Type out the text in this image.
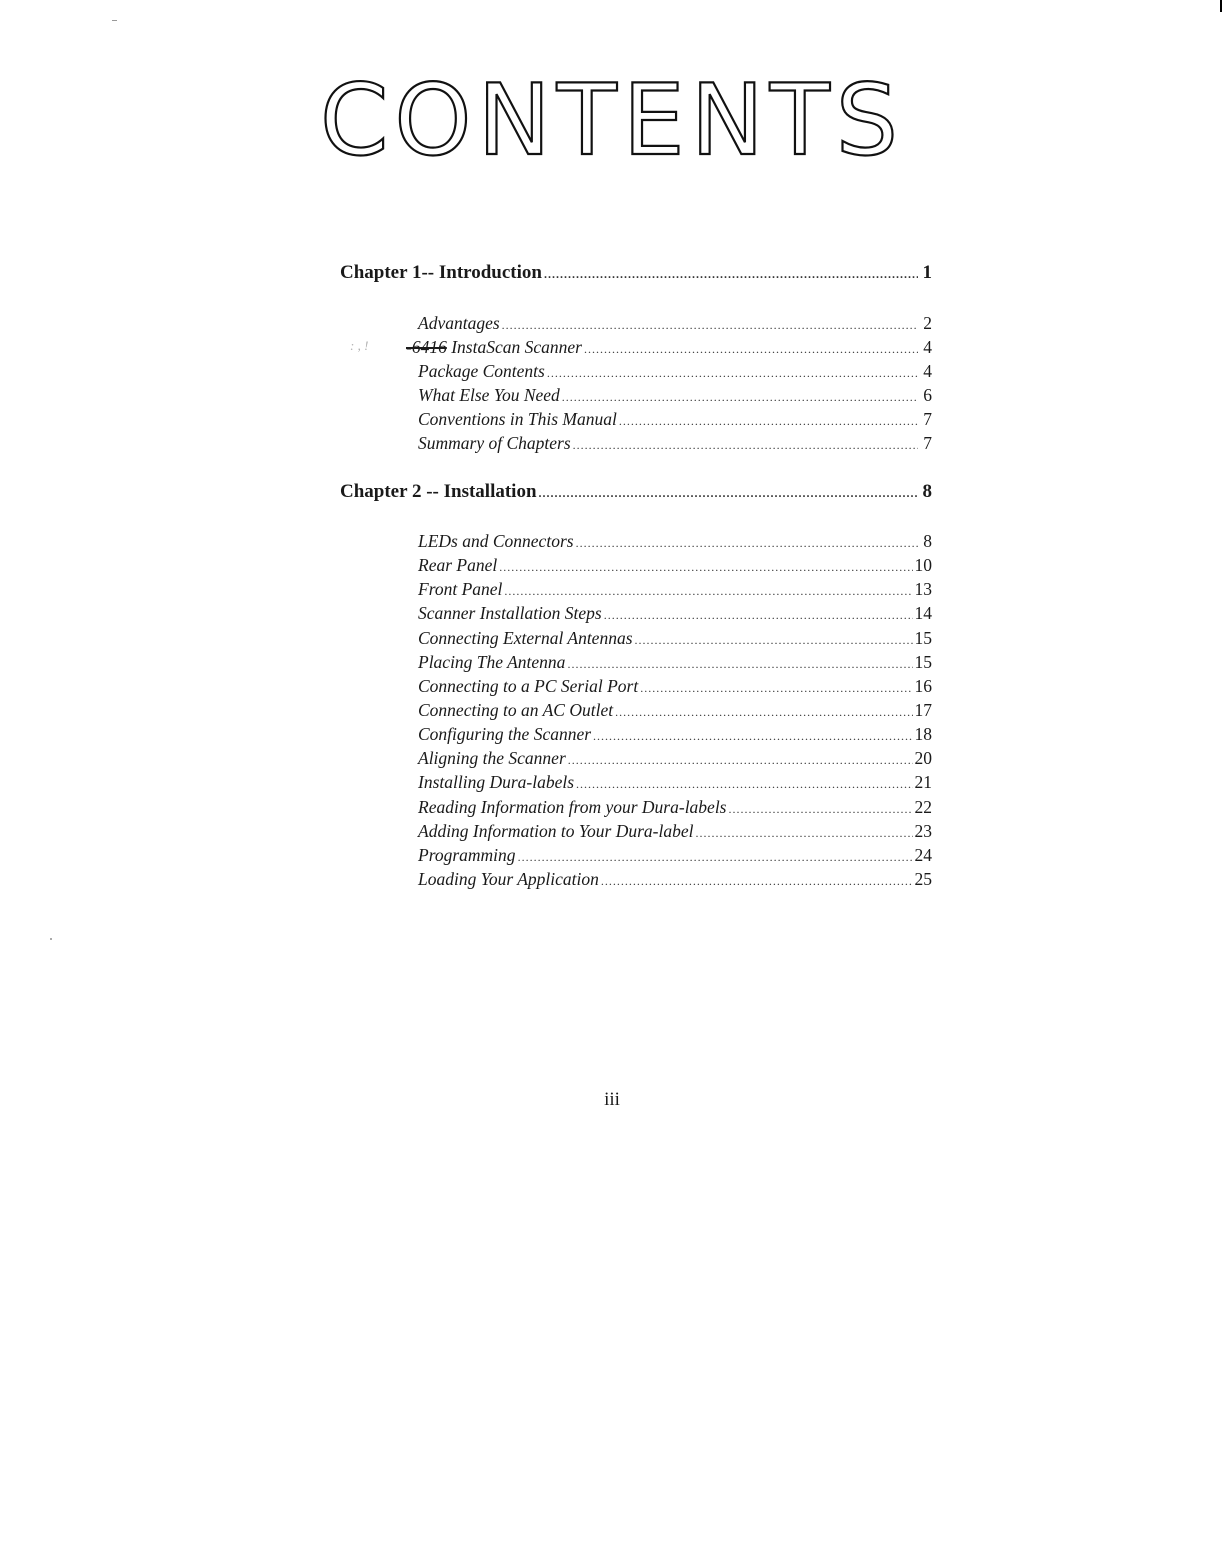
CONTENTS
: , !
Chapter 1-- Introduction .....	1
Advantages .....	2
-6416 InstaScan Scanner .....	4
Package Contents .....	4
What Else You Need .....	6
Conventions in This Manual .....	7
Summary of Chapters .....	7
Chapter 2 -- Installation .....	8
LEDs and Connectors .....	8
Rear Panel .....	10
Front Panel .....	13
Scanner Installation Steps .....	14
Connecting External Antennas .....	15
Placing The Antenna .....	15
Connecting to a PC Serial Port .....	16
Connecting to an AC Outlet .....	17
Configuring the Scanner .....	18
Aligning the Scanner .....	20
Installing Dura-labels .....	21
Reading Information from your Dura-labels .....	22
Adding Information to Your Dura-label .....	23
Programming .....	24
Loading Your Application .....	25
iii
